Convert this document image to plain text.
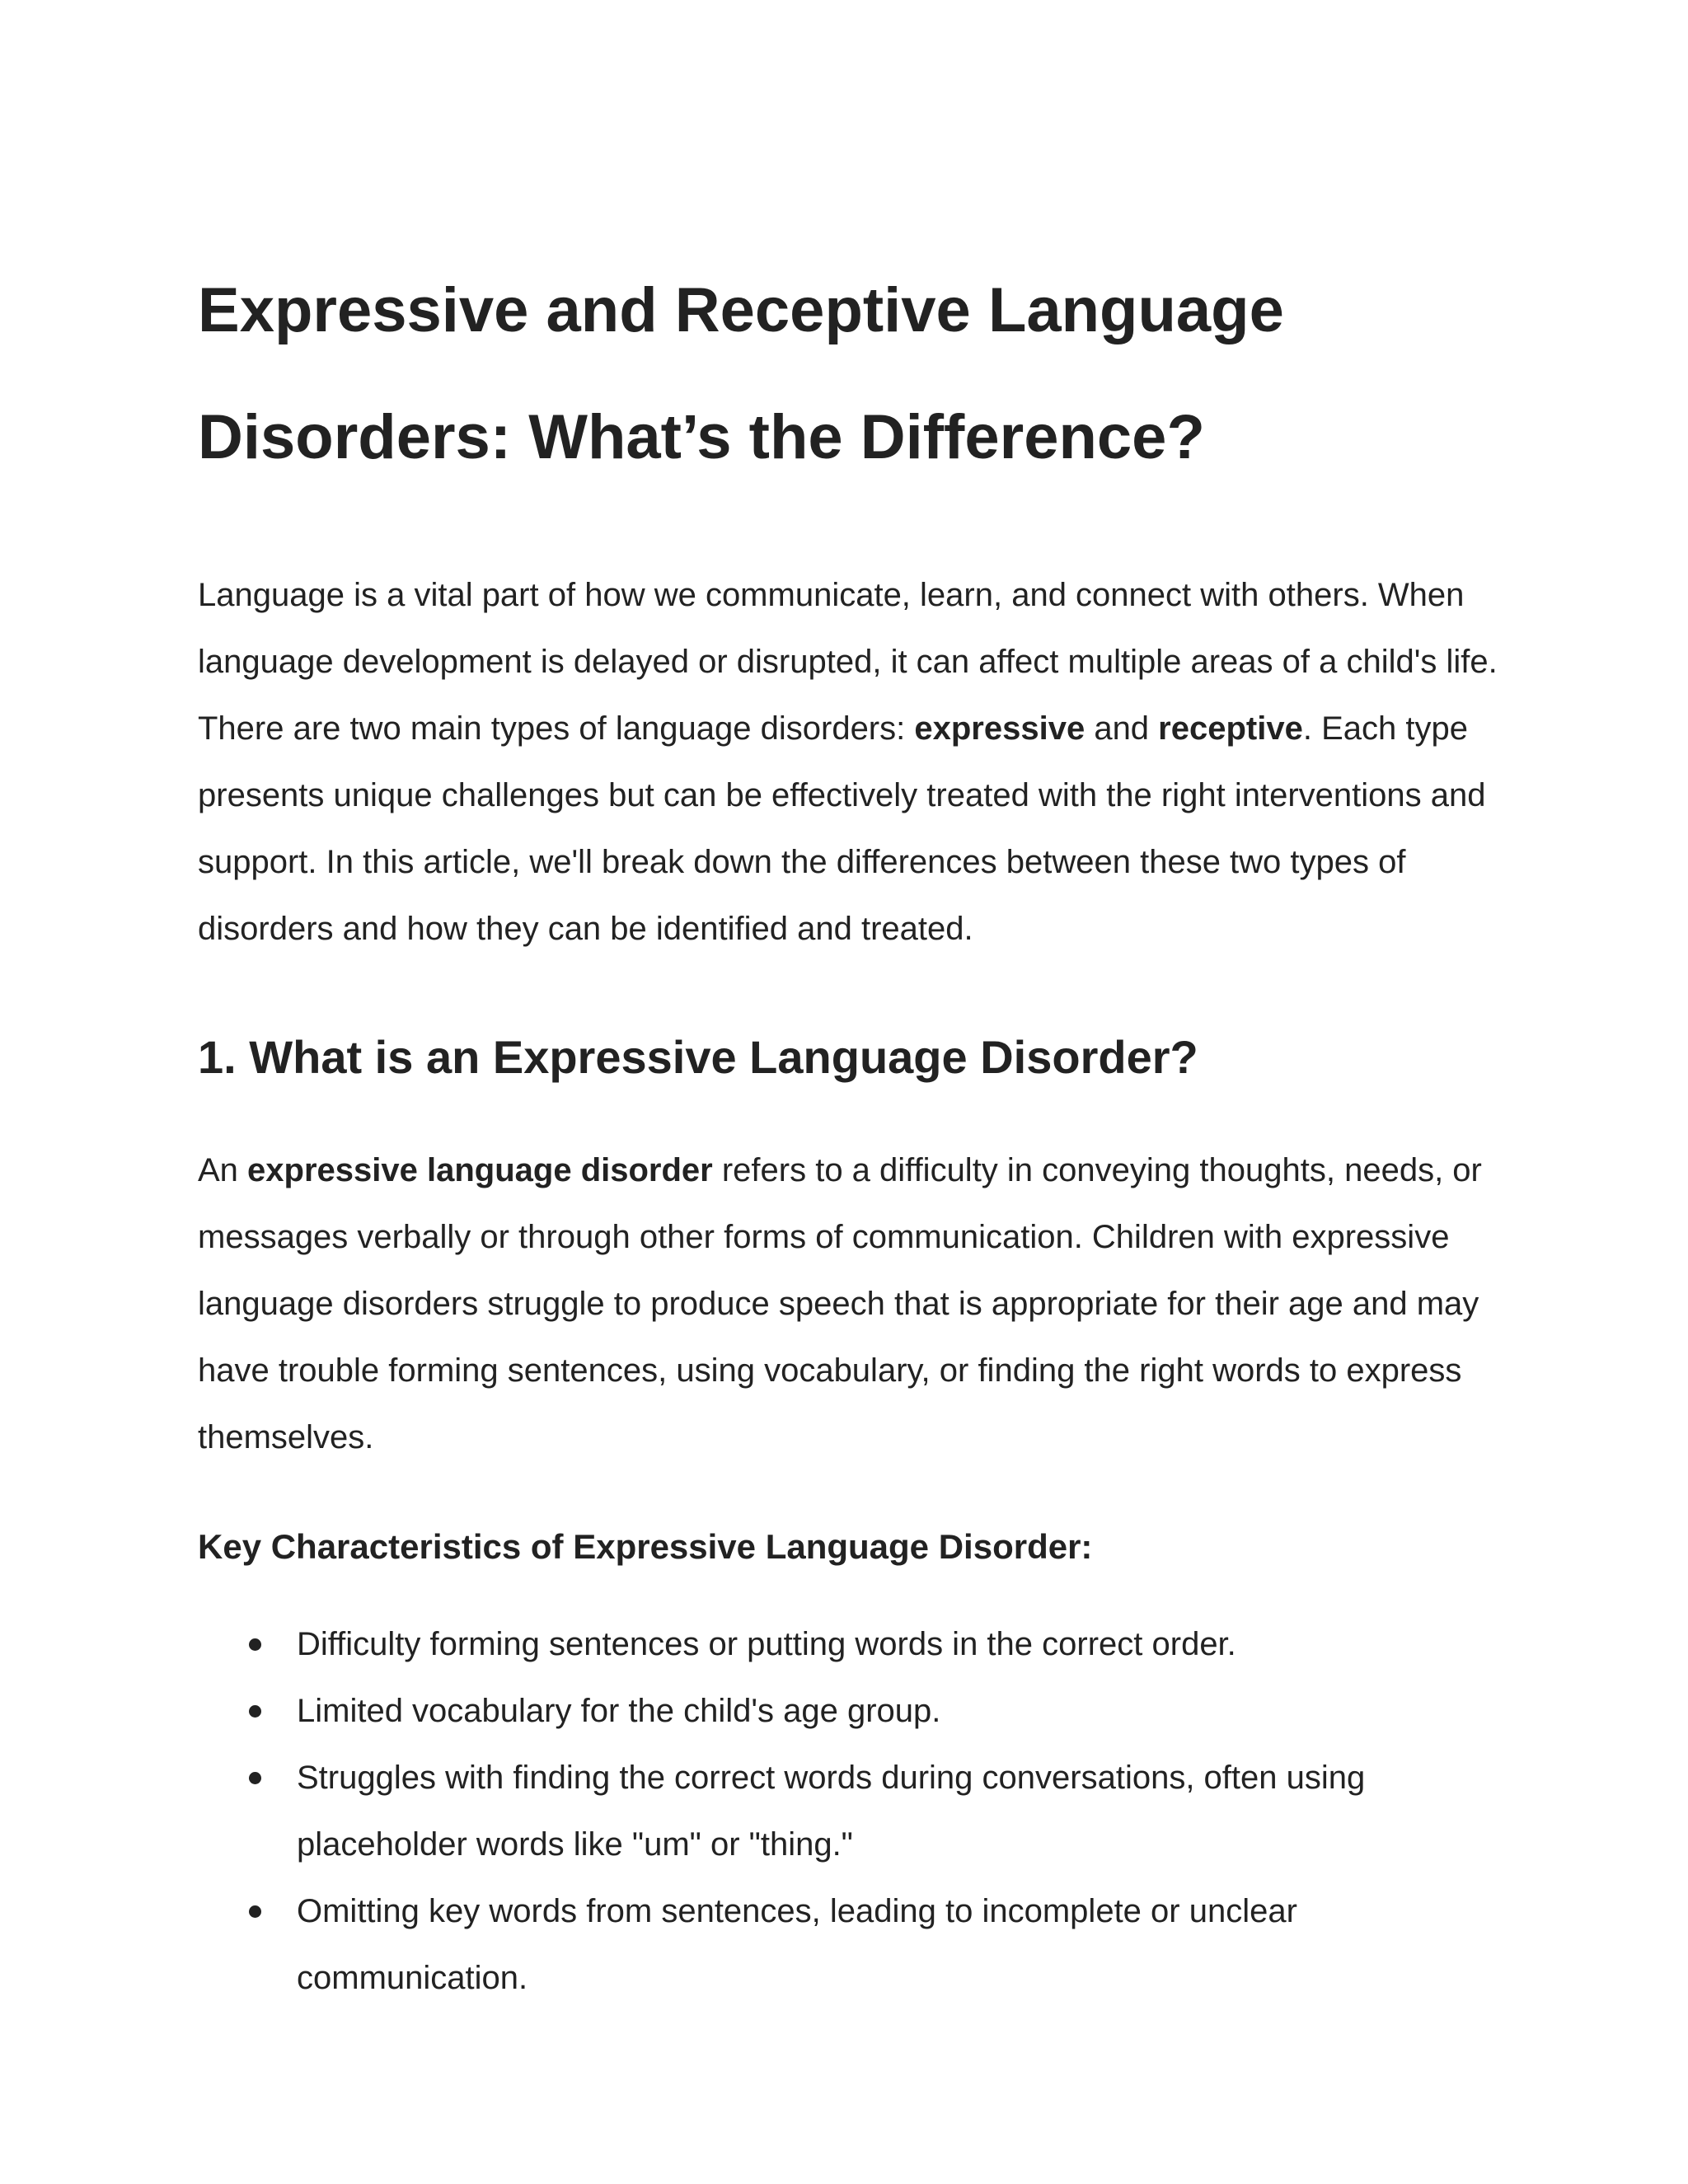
Expressive and Receptive Language
Disorders: What’s the Difference?

Language is a vital part of how we communicate, learn, and connect with others. When language development is delayed or disrupted, it can affect multiple areas of a child's life. There are two main types of language disorders: expressive and receptive. Each type presents unique challenges but can be effectively treated with the right interventions and support. In this article, we'll break down the differences between these two types of disorders and how they can be identified and treated.

1. What is an Expressive Language Disorder?

An expressive language disorder refers to a difficulty in conveying thoughts, needs, or messages verbally or through other forms of communication. Children with expressive language disorders struggle to produce speech that is appropriate for their age and may have trouble forming sentences, using vocabulary, or finding the right words to express themselves.

Key Characteristics of Expressive Language Disorder:
Difficulty forming sentences or putting words in the correct order.
Limited vocabulary for the child's age group.
Struggles with finding the correct words during conversations, often using placeholder words like "um" or "thing."
Omitting key words from sentences, leading to incomplete or unclear communication.
